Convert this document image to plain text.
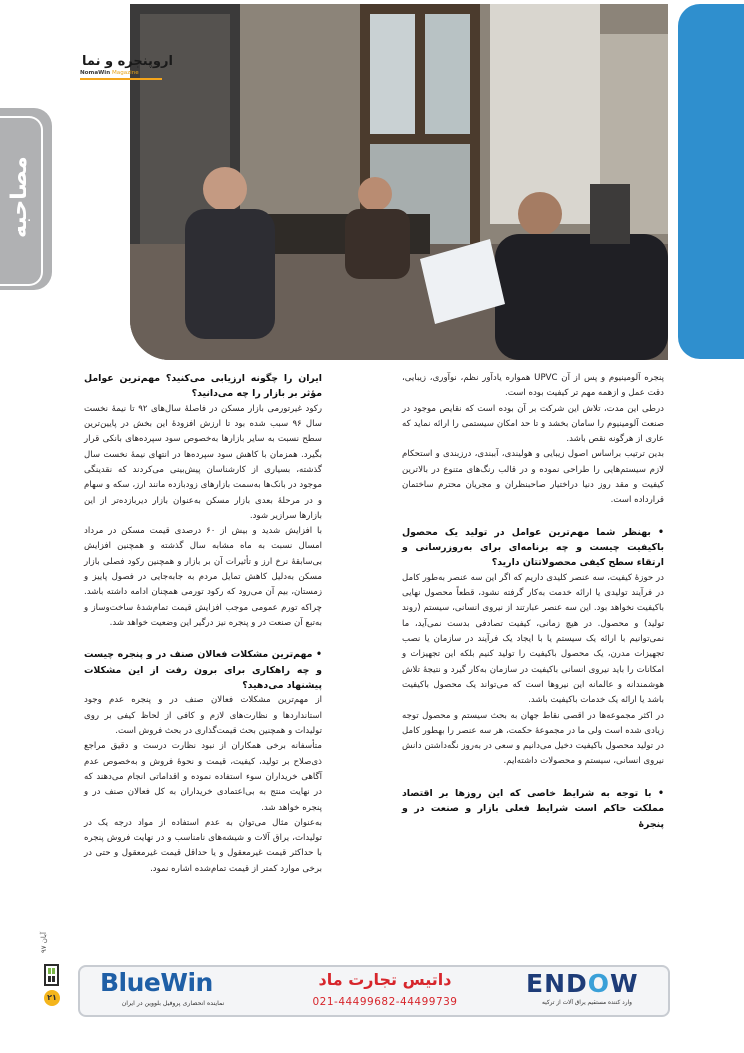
اروپنجره و نما
NomaWin Magazine
مصاحبه

پنجره آلومینیوم و پس از آن UPVC همواره یادآور نظم، نوآوری، زیبایی، دقت عمل و ازهمه مهم تر کیفیت بوده است.

درطی این مدت، تلاش این شرکت بر آن بوده است که نقایص موجود در صنعت آلومینیوم را سامان بخشد و تا حد امکان سیستمی را ارائه نماید که عاری از هرگونه نقص باشد.

بدین ترتیب براساس اصول زیبایی و هولیندی، آببندی، درزبندی و استحکام لازم سیستم‌هایی را طراحی نموده و در قالب رنگ‌های متنوع در بالاترین کیفیت و مقد روز دنیا دراختیار صاحبنظران و مجریان محترم ساختمان قرارداده است.

• بهنظر شما مهم‌ترین عوامل در تولید یک محصول باکیفیت چیست و چه برنامه‌ای برای به‌روزرسانی و ارتقاء سطح کیفی محصولاتتان دارید؟

در حوزۀ کیفیت، سه عنصر کلیدی داریم که اگر این سه عنصر به‌طور کامل در فرآیند تولیدی یا ارائه خدمت به‌کار گرفته نشود، قطعاً محصول نهایی باکیفیت نخواهد بود. این سه عنصر عبارتند از نیروی انسانی، سیستم (روند تولید) و محصول. در هیچ زمانی، کیفیت تصادفی بدست نمی‌آید، ما نمی‌توانیم با ارائه یک سیستم یا با ایجاد یک فرآیند در سازمان یا نصب تجهیزات مدرن، یک محصول باکیفیت را تولید کنیم بلکه این تجهیزات و امکانات را باید نیروی انسانی باکیفیت در سازمان به‌کار گیرد و نتیجۀ تلاش هوشمندانه و عالمانه این نیروها است که می‌تواند یک محصول باکیفیت باشد یا ارائه یک خدمات باکیفیت باشد.

در اکثر مجموعه‌ها در اقصی نقاط جهان به بحث سیستم و محصول توجه زیادی شده است ولی ما در مجموعۀ حکمت، هر سه عنصر را بهطور کامل در تولید محصول باکیفیت دخیل می‌دانیم و سعی در به‌روز نگه‌داشتن دانش نیروی انسانی، سیستم و محصولات داشته‌ایم.

• با توجه به شرایط خاصی که این روزها بر اقتصاد مملکت حاکم است شرایط فعلی بازار و صنعت در و پنجرۀ

ایران را چگونه ارزیابی می‌کنید؟ مهم‌ترین عوامل مؤثر بر بازار را چه می‌دانید؟

رکود غیرتورمی بازار مسکن در فاصلۀ سال‌های ۹۲ تا نیمۀ نخست سال ۹۶ سبب شده بود تا ارزش افزودۀ این بخش در پایین‌ترین سطح نسبت به سایر بازارها به‌خصوص سود سپرده‌های بانکی قرار بگیرد. همزمان با کاهش سود سپرده‌ها در انتهای نیمۀ نخست سال گذشته، بسیاری از کارشناسان پیش‌بینی می‌کردند که نقدینگی موجود در بانک‌ها به‌سمت بازارهای زودبازده مانند ارز، سکه و سهام و در مرحلۀ بعدی بازار مسکن به‌عنوان بازار دیربازده‌تر از این بازارها سرازیر شود.

با افزایش شدید و بیش از ۶۰ درصدی قیمت مسکن در مرداد امسال نسبت به ماه مشابه سال گذشته و همچنین افزایش بی‌سابقۀ نرخ ارز و تأثیرات آن بر بازار و همچنین رکود فصلی بازار مسکن به‌دلیل کاهش تمایل مردم به جابه‌جایی در فصول پاییز و زمستان، بیم آن می‌رود که رکود تورمی همچنان ادامه داشته باشد. چراکه تورم عمومی موجب افزایش قیمت تمام‌شدۀ ساخت‌وساز و به‌تبع آن صنعت در و پنجره نیز درگیر این وضعیت خواهد شد.

• مهم‌ترین مشکلات فعالان صنف در و پنجره چیست و چه راهکاری برای برون رفت از این مشکلات پیشنهاد می‌دهید؟

از مهم‌ترین مشکلات فعالان صنف در و پنجره عدم وجود استانداردها و نظارت‌های لازم و کافی از لحاظ کیفی بر روی تولیدات و همچنین بحث قیمت‌گذاری در بحث فروش است.

متأسفانه برخی همکاران از نبود نظارت درست و دقیق مراجع ذی‌صلاح بر تولید، کیفیت، قیمت و نحوۀ فروش و به‌خصوص عدم آگاهی خریداران سوء استفاده نموده و اقداماتی انجام می‌دهند که در نهایت منتج به بی‌اعتمادی خریداران به کل فعالان صنف در و پنجره خواهد شد.

به‌عنوان مثال می‌توان به عدم استفاده از مواد درجه یک در تولیدات، یراق آلات و شیشه‌های نامناسب و در نهایت فروش پنجره با حداکثر قیمت غیرمعقول و یا حداقل قیمت غیرمعقول و حتی در برخی موارد کمتر از قیمت تمام‌شده اشاره نمود.

آبان ۹۷
۲۱
BlueWin
نماینده انحصاری پروفیل بلووین در ایران
داتیس تجارت ماد
021-44499682-44499739
ENDOW
وارد کننده مستقیم یراق آلات از ترکیه
